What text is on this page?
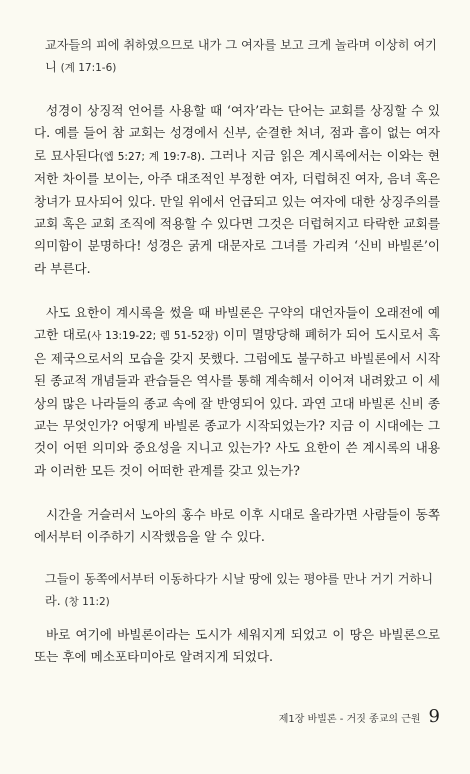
교자들의 피에 취하였으므로 내가 그 여자를 보고 크게 놀라며 이상히 여기니 (계 17:1-6)

성경이 상징적 언어를 사용할 때 ‘여자’라는 단어는 교회를 상징할 수 있다. 예를 들어 참 교회는 성경에서 신부, 순결한 처녀, 점과 흠이 없는 여자로 묘사된다(엡 5:27; 계 19:7-8). 그러나 지금 읽은 계시록에서는 이와는 현저한 차이를 보이는, 아주 대조적인 부정한 여자, 더럽혀진 여자, 음녀 혹은 창녀가 묘사되어 있다. 만일 위에서 언급되고 있는 여자에 대한 상징주의를 교회 혹은 교회 조직에 적용할 수 있다면 그것은 더럽혀지고 타락한 교회를 의미함이 분명하다! 성경은 굵게 대문자로 그녀를 가리켜 ‘신비 바빌론’이라 부른다.

사도 요한이 계시록을 썼을 때 바빌론은 구약의 대언자들이 오래전에 예고한 대로(사 13:19-22; 렘 51-52장) 이미 멸망당해 폐허가 되어 도시로서 혹은 제국으로서의 모습을 갖지 못했다. 그럼에도 불구하고 바빌론에서 시작된 종교적 개념들과 관습들은 역사를 통해 계속해서 이어져 내려왔고 이 세상의 많은 나라들의 종교 속에 잘 반영되어 있다. 과연 고대 바빌론 신비 종교는 무엇인가? 어떻게 바빌론 종교가 시작되었는가? 지금 이 시대에는 그것이 어떤 의미와 중요성을 지니고 있는가? 사도 요한이 쓴 계시록의 내용과 이러한 모든 것이 어떠한 관계를 갖고 있는가?

시간을 거슬러서 노아의 홍수 바로 이후 시대로 올라가면 사람들이 동쪽에서부터 이주하기 시작했음을 알 수 있다.

그들이 동쪽에서부터 이동하다가 시날 땅에 있는 평야를 만나 거기 거하니라. (창 11:2)

바로 여기에 바빌론이라는 도시가 세워지게 되었고 이 땅은 바빌론으로 또는 후에 메소포타미아로 알려지게 되었다.

제1장 바빌론 - 거짓 종교의 근원 9
